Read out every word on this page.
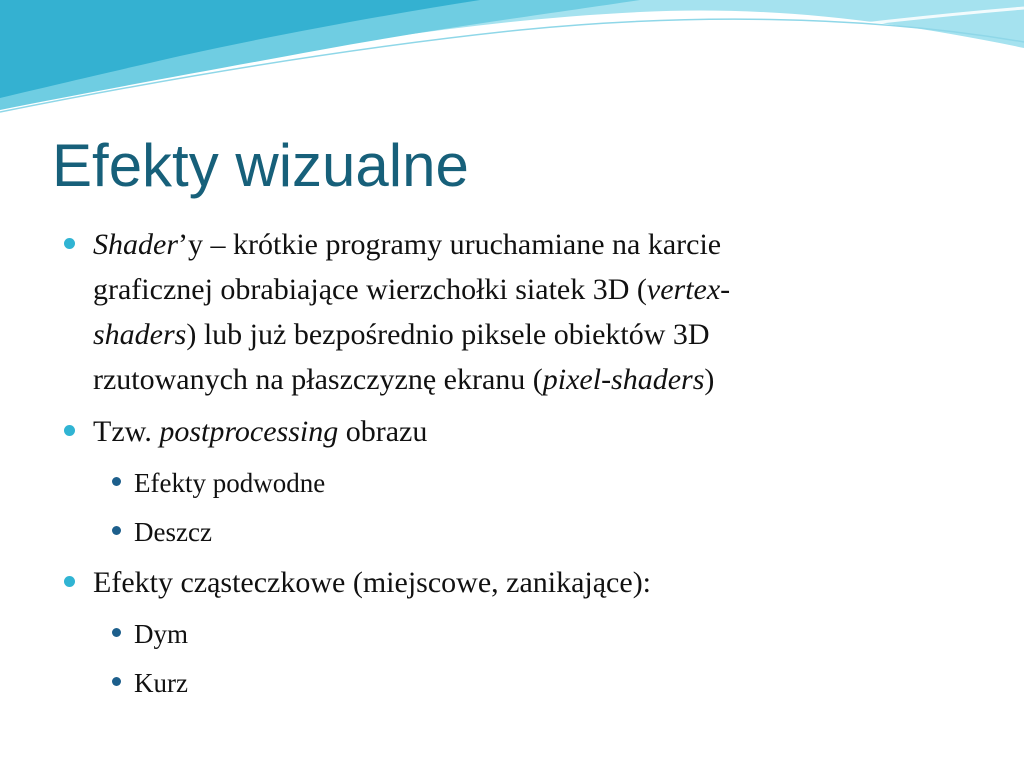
Efekty wizualne
Shader’y – krótkie programy uruchamiane na karcie
graficznej obrabiające wierzchołki siatek 3D (vertex-
shaders) lub już bezpośrednio piksele obiektów 3D
rzutowanych na płaszczyznę ekranu (pixel-shaders)
Tzw. postprocessing obrazu
Efekty podwodne
Deszcz
Efekty cząsteczkowe (miejscowe, zanikające):
Dym
Kurz
